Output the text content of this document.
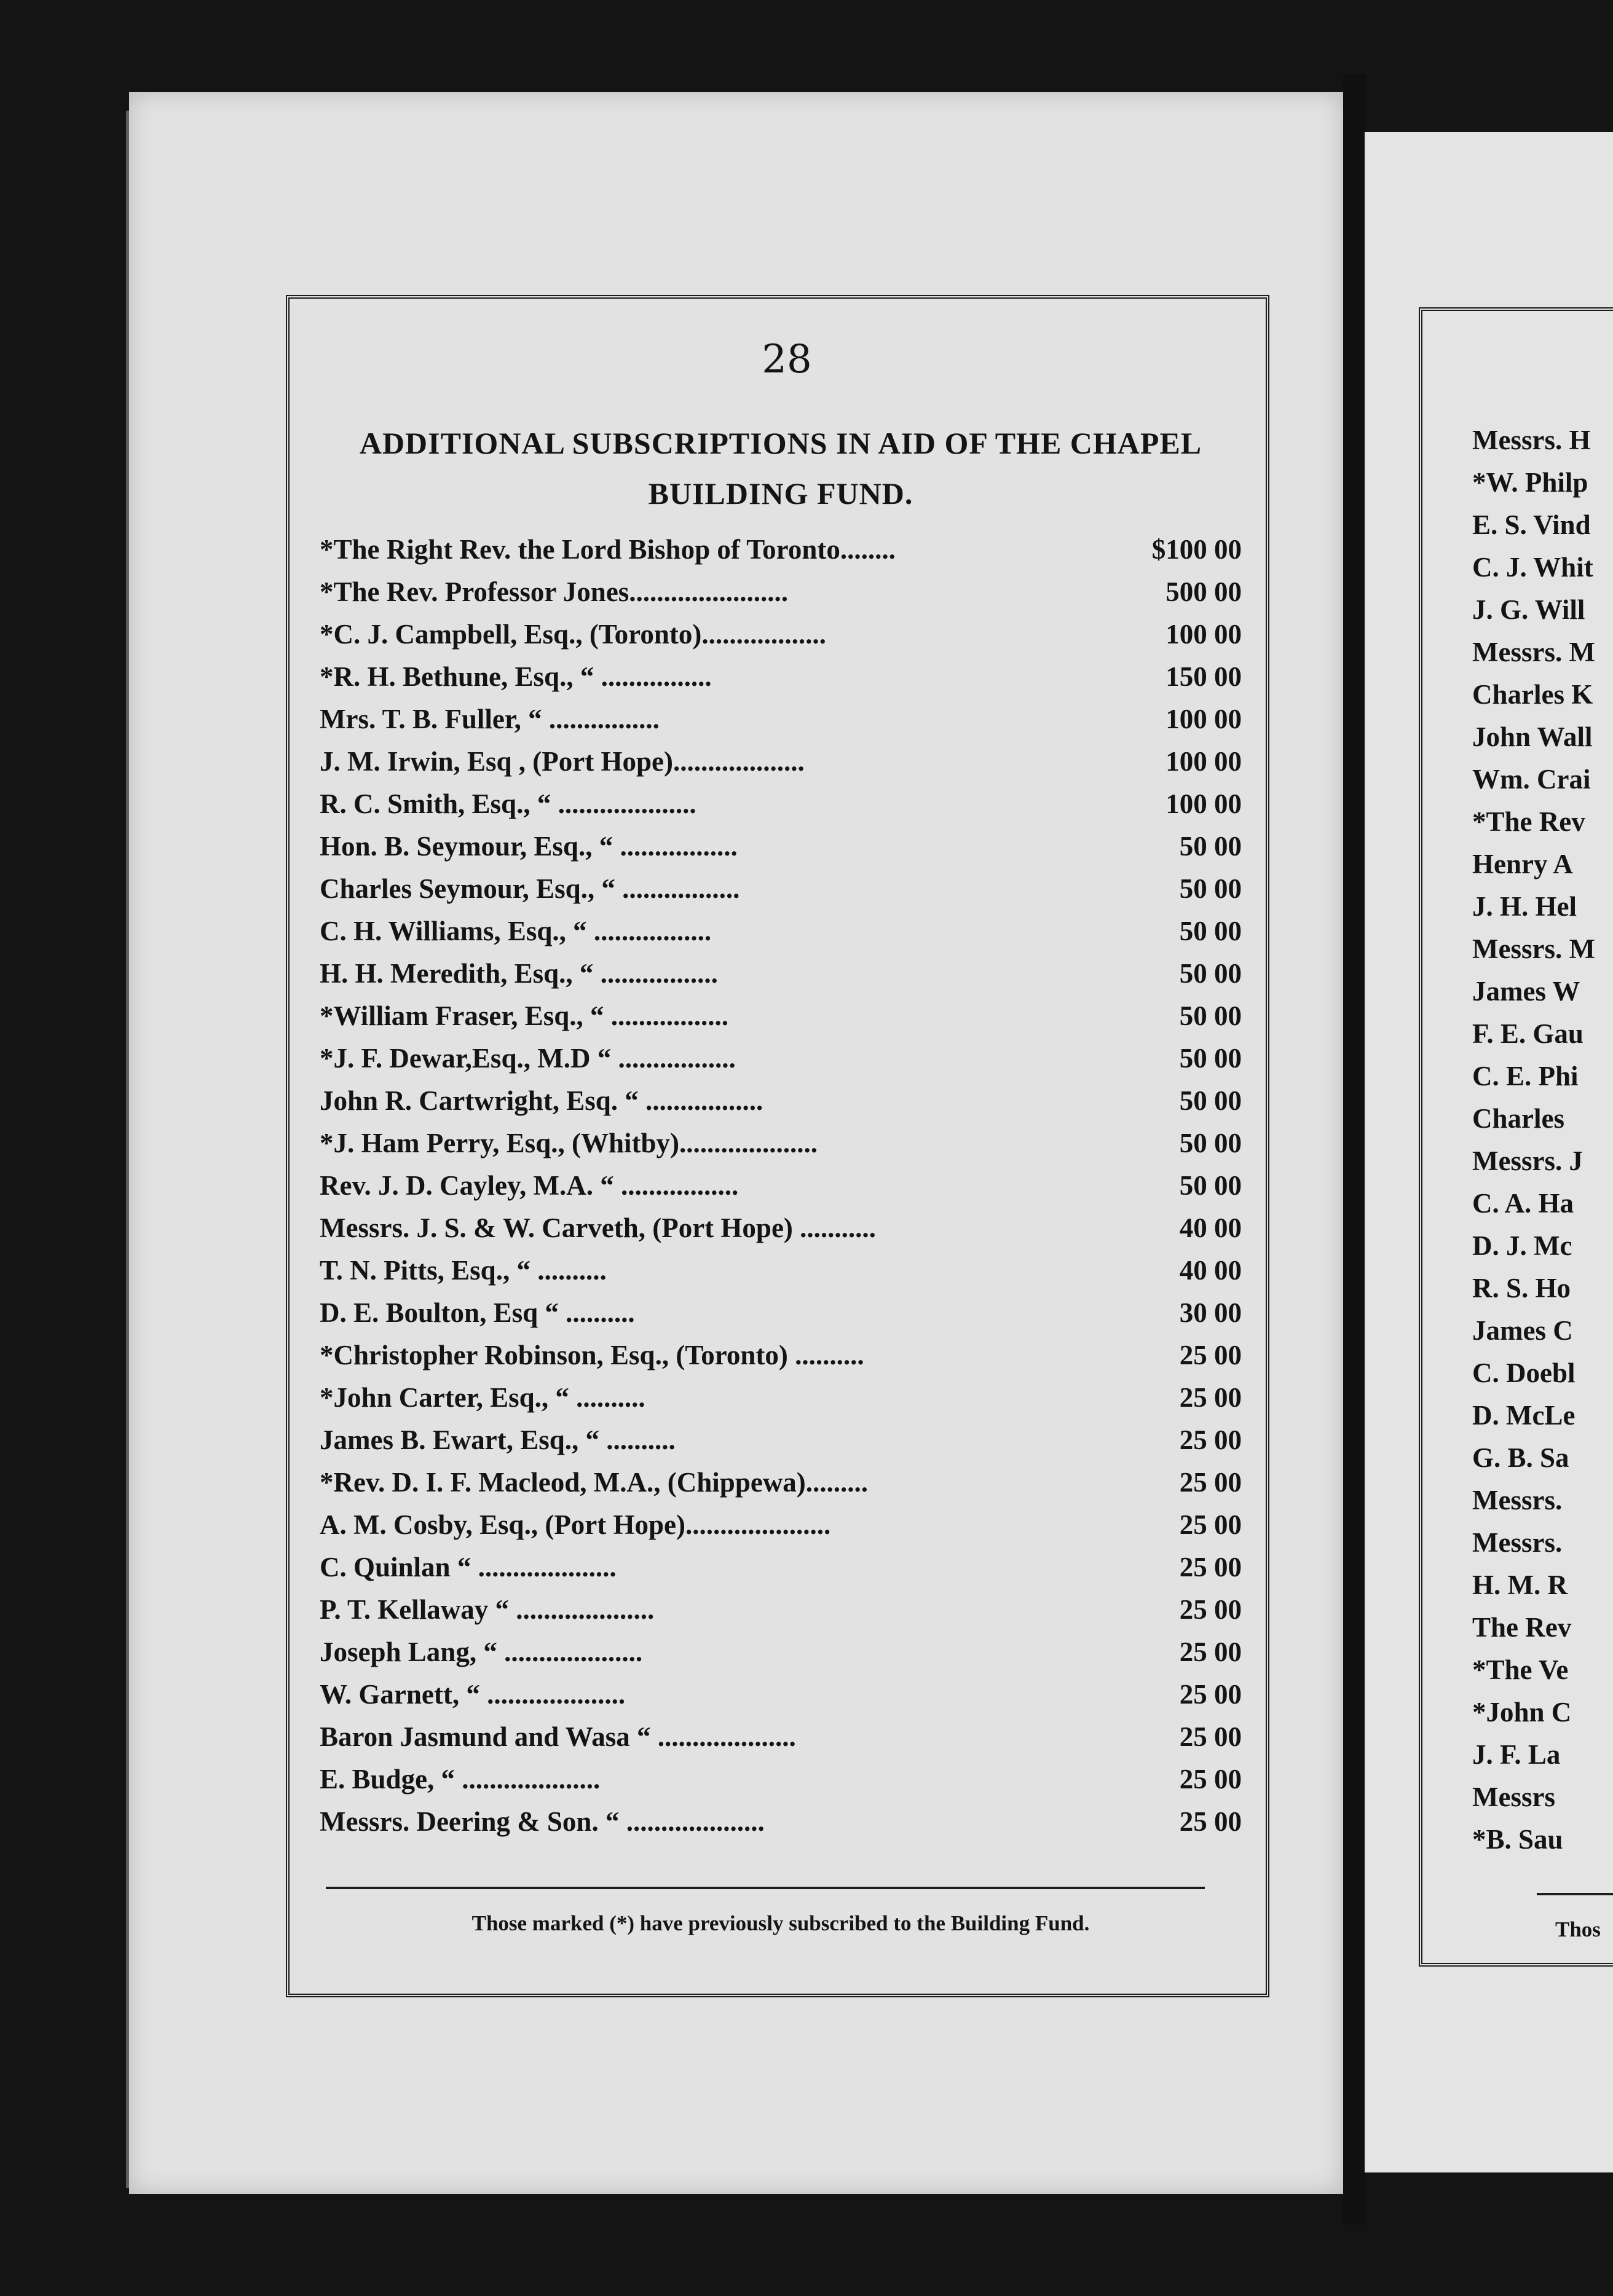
28
ADDITIONAL SUBSCRIPTIONS IN AID OF THE CHAPEL
BUILDING FUND.
*The Right Rev. the Lord Bishop of Toronto........	$100 00
*The Rev. Professor Jones.......................	500 00
*C. J. Campbell, Esq., (Toronto)..................	100 00
*R. H. Bethune, Esq., “ ................	150 00
Mrs. T. B. Fuller, “ ................	100 00
J. M. Irwin, Esq , (Port Hope)...................	100 00
R. C. Smith, Esq., “ ....................	100 00
Hon. B. Seymour, Esq., “ .................	50 00
Charles Seymour, Esq., “ .................	50 00
C. H. Williams, Esq., “ .................	50 00
H. H. Meredith, Esq., “ .................	50 00
*William Fraser, Esq., “ .................	50 00
*J. F. Dewar,Esq., M.D “ .................	50 00
John R. Cartwright, Esq. “ .................	50 00
*J. Ham Perry, Esq., (Whitby)....................	50 00
Rev. J. D. Cayley, M.A. “ .................	50 00
Messrs. J. S. & W. Carveth, (Port Hope) ...........	40 00
T. N. Pitts, Esq., “ ..........	40 00
D. E. Boulton, Esq “ ..........	30 00
*Christopher Robinson, Esq., (Toronto) ..........	25 00
*John Carter, Esq., “ ..........	25 00
James B. Ewart, Esq., “ ..........	25 00
*Rev. D. I. F. Macleod, M.A., (Chippewa).........	25 00
A. M. Cosby, Esq., (Port Hope).....................	25 00
C. Quinlan “ ....................	25 00
P. T. Kellaway “ ....................	25 00
Joseph Lang, “ ....................	25 00
W. Garnett, “ ....................	25 00
Baron Jasmund and Wasa “ ....................	25 00
E. Budge, “ ....................	25 00
Messrs. Deering & Son. “ ....................	25 00
Those marked (*) have previously subscribed to the Building Fund.
Messrs. H
*W. Philp
E. S. Vind
C. J. Whit
J. G. Will
Messrs. M
Charles K
John Wall
Wm. Crai
*The Rev
Henry A
J. H. Hel
Messrs. M
James W
F. E. Gau
C. E. Phi
Charles
Messrs. J
C. A. Ha
D. J. Mc
R. S. Ho
James C
C. Doebl
D. McLe
G. B. Sa
Messrs.
Messrs.
H. M. R
The Rev
*The Ve
*John C
J. F. La
Messrs
*B. Sau
Thos
